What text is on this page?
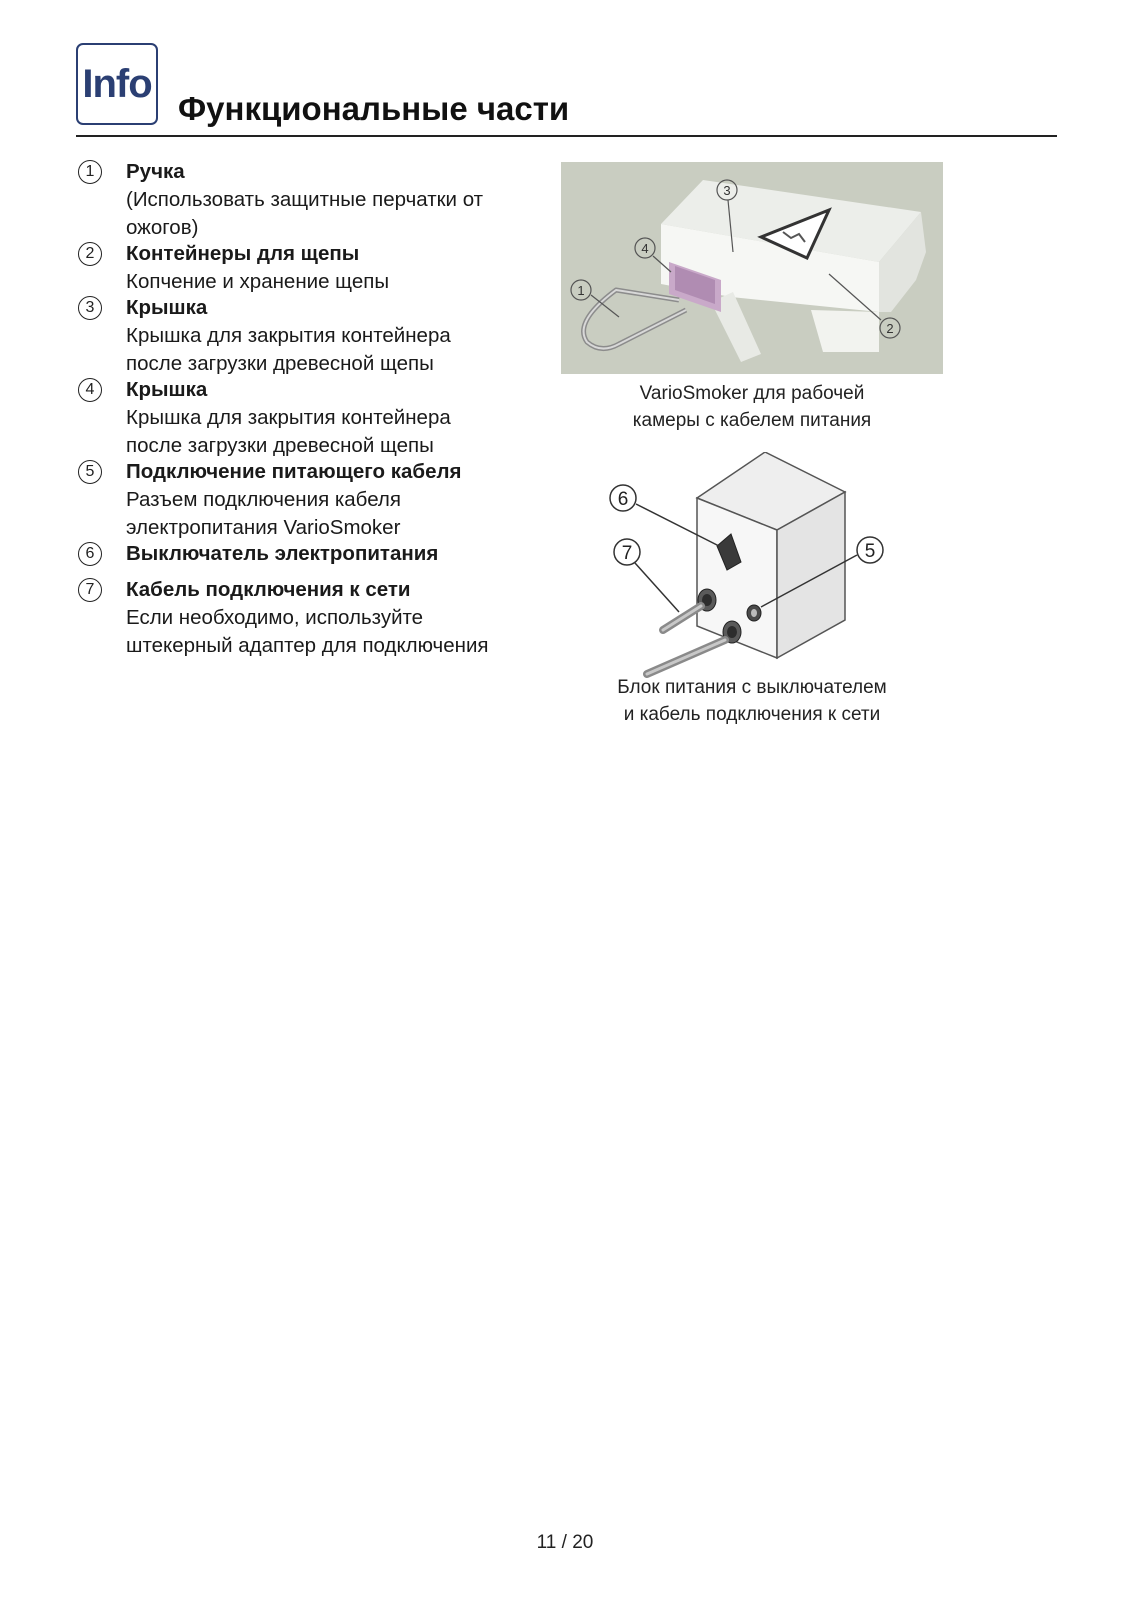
Info
Функциональные части
1	Ручка
(Использовать защитные перчатки от
ожогов)
2	Контейнеры для щепы
Копчение и хранение щепы
3	Крышка
Крышка для закрытия контейнера
после загрузки древесной щепы
4	Крышка
Крышка для закрытия контейнера
после загрузки древесной щепы
5	Подключение питающего кабеля
Разъем подключения кабеля
электропитания VarioSmoker
6	Выключатель электропитания
7	Кабель подключения к сети
Если необходимо, используйте
штекерный адаптер для подключения
1
2
3
4
VarioSmoker для рабочей
камеры с кабелем питания
5
6
7
Блок питания с выключателем
и кабель подключения к сети
11 / 20
